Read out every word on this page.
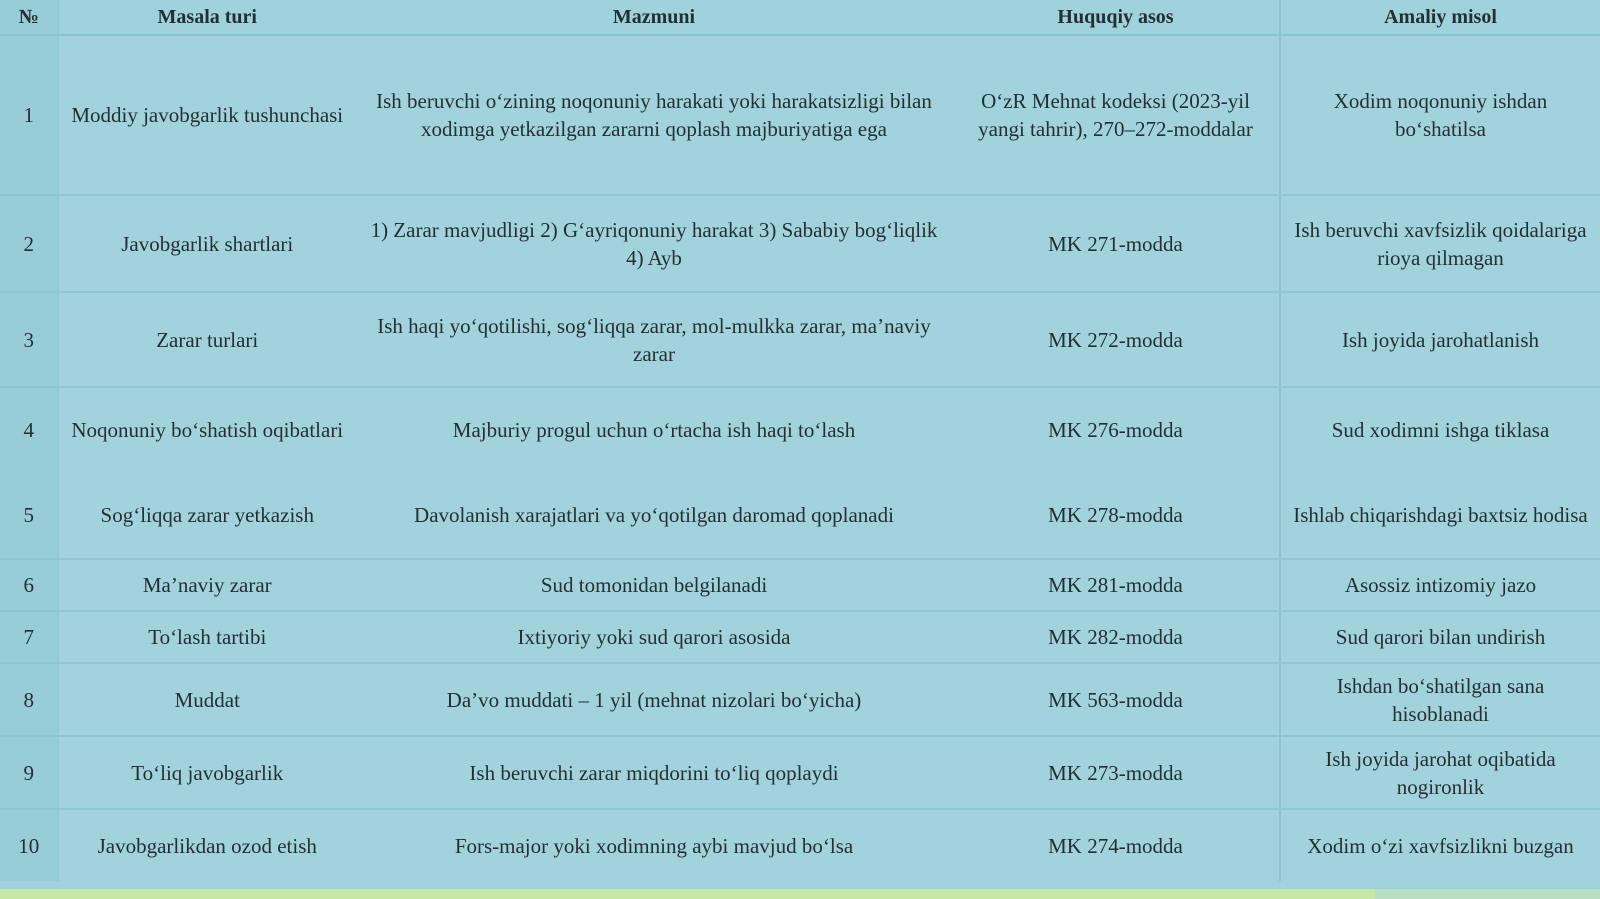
№	Masala turi	Mazmuni	Huquqiy asos	Amaliy misol
1	Moddiy javobgarlik tushunchasi	Ish beruvchi o‘zining noqonuniy harakati yoki harakatsizligi bilan xodimga yetkazilgan zararni qoplash majburiyatiga ega	O‘zR Mehnat kodeksi (2023-yil yangi tahrir), 270–272-moddalar	Xodim noqonuniy ishdan bo‘shatilsa
2	Javobgarlik shartlari	1) Zarar mavjudligi 2) G‘ayriqonuniy harakat 3) Sababiy bog‘liqlik 4) Ayb	MK 271-modda	Ish beruvchi xavfsizlik qoidalariga rioya qilmagan
3	Zarar turlari	Ish haqi yo‘qotilishi, sog‘liqqa zarar, mol-mulkka zarar, ma’naviy zarar	MK 272-modda	Ish joyida jarohatlanish
4	Noqonuniy bo‘shatish oqibatlari	Majburiy progul uchun o‘rtacha ish haqi to‘lash	MK 276-modda	Sud xodimni ishga tiklasa
5	Sog‘liqqa zarar yetkazish	Davolanish xarajatlari va yo‘qotilgan daromad qoplanadi	MK 278-modda	Ishlab chiqarishdagi baxtsiz hodisa
6	Ma’naviy zarar	Sud tomonidan belgilanadi	MK 281-modda	Asossiz intizomiy jazo
7	To‘lash tartibi	Ixtiyoriy yoki sud qarori asosida	MK 282-modda	Sud qarori bilan undirish
8	Muddat	Da’vo muddati – 1 yil (mehnat nizolari bo‘yicha)	MK 563-modda	Ishdan bo‘shatilgan sana hisoblanadi
9	To‘liq javobgarlik	Ish beruvchi zarar miqdorini to‘liq qoplaydi	MK 273-modda	Ish joyida jarohat oqibatida nogironlik
10	Javobgarlikdan ozod etish	Fors-major yoki xodimning aybi mavjud bo‘lsa	MK 274-modda	Xodim o‘zi xavfsizlikni buzgan
